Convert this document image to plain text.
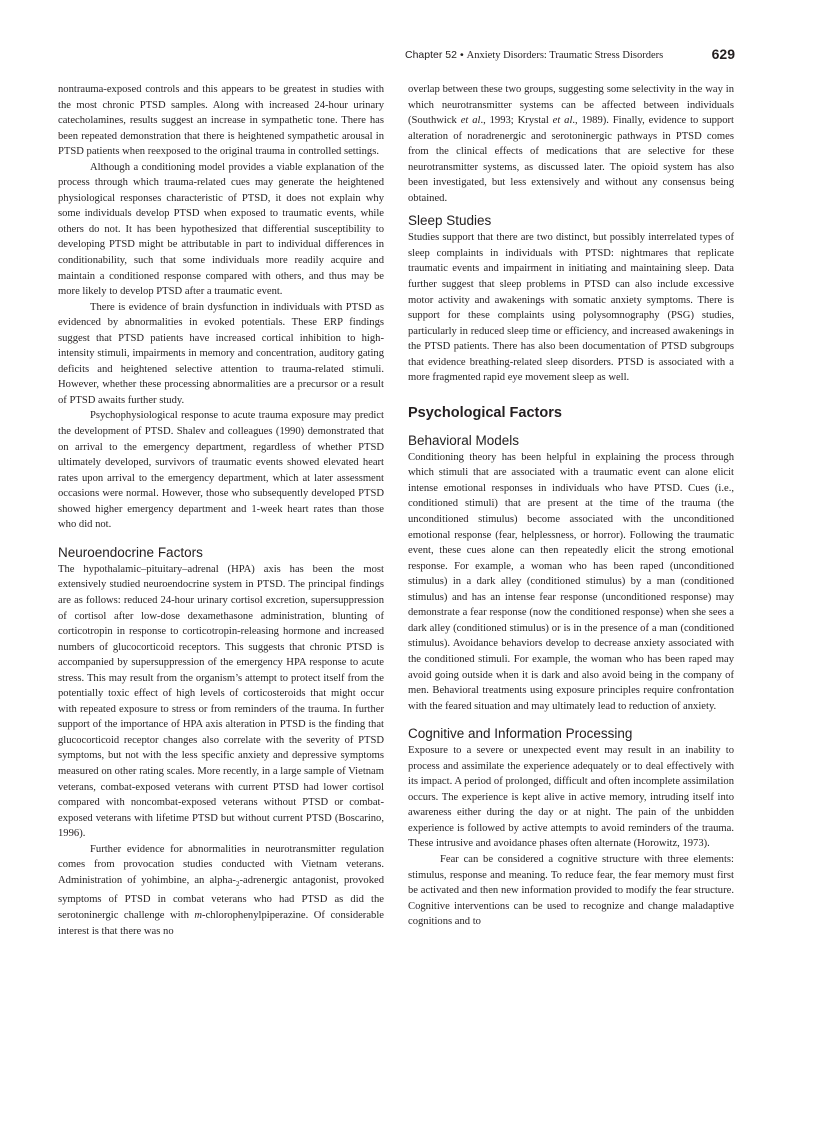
Chapter 52 • Anxiety Disorders: Traumatic Stress Disorders	629

nontrauma-exposed controls and this appears to be greatest in studies with the most chronic PTSD samples. Along with increased 24-hour urinary catecholamines, results suggest an increase in sympathetic tone. There has been repeated demonstration that there is heightened sympathetic arousal in PTSD patients when reexposed to the original trauma in controlled settings.

Although a conditioning model provides a viable explanation of the process through which trauma-related cues may generate the heightened physiological responses characteristic of PTSD, it does not explain why some individuals develop PTSD when exposed to traumatic events, while others do not. It has been hypothesized that differential susceptibility to developing PTSD might be attributable in part to individual differences in conditionability, such that some individuals more readily acquire and maintain a conditioned response compared with others, and thus may be more likely to develop PTSD after a traumatic event.

There is evidence of brain dysfunction in individuals with PTSD as evidenced by abnormalities in evoked potentials. These ERP findings suggest that PTSD patients have increased cortical inhibition to high-intensity stimuli, impairments in memory and concentration, auditory gating deficits and heightened selective attention to trauma-related stimuli. However, whether these processing abnormalities are a precursor or a result of PTSD awaits further study.

Psychophysiological response to acute trauma exposure may predict the development of PTSD. Shalev and colleagues (1990) demonstrated that on arrival to the emergency department, regardless of whether PTSD ultimately developed, survivors of traumatic events showed elevated heart rates upon arrival to the emergency department, which at later assessment occasions were normal. However, those who subsequently developed PTSD showed higher emergency department and 1-week heart rates than those who did not.

Neuroendocrine Factors

The hypothalamic–pituitary–adrenal (HPA) axis has been the most extensively studied neuroendocrine system in PTSD. The principal findings are as follows: reduced 24-hour urinary cortisol excretion, supersuppression of cortisol after low-dose dexamethasone administration, blunting of corticotropin in response to corticotropin-releasing hormone and increased numbers of glucocorticoid receptors. This suggests that chronic PTSD is accompanied by supersuppression of the emergency HPA response to acute stress. This may result from the organism’s attempt to protect itself from the potentially toxic effect of high levels of corticosteroids that might occur with repeated exposure to stress or from reminders of the trauma. In further support of the importance of HPA axis alteration in PTSD is the finding that glucocorticoid receptor changes also correlate with the severity of PTSD symptoms, but not with the less specific anxiety and depressive symptoms measured on other rating scales. More recently, in a large sample of Vietnam veterans, combat-exposed veterans with current PTSD had lower cortisol compared with noncombat-exposed veterans without PTSD or combat-exposed veterans with lifetime PTSD but without current PTSD (Boscarino, 1996).

Further evidence for abnormalities in neurotransmitter regulation comes from provocation studies conducted with Vietnam veterans. Administration of yohimbine, an alpha-$_2$-adrenergic antagonist, provoked symptoms of PTSD in combat veterans who had PTSD as did the serotoninergic challenge with m-chlorophenylpiperazine. Of considerable interest is that there was no

overlap between these two groups, suggesting some selectivity in the way in which neurotransmitter systems can be affected between individuals (Southwick et al., 1993; Krystal et al., 1989). Finally, evidence to support alteration of noradrenergic and serotoninergic pathways in PTSD comes from the clinical effects of medications that are selective for these neurotransmitter systems, as discussed later. The opioid system has also been investigated, but less extensively and without any consensus being obtained.

Sleep Studies

Studies support that there are two distinct, but possibly interrelated types of sleep complaints in individuals with PTSD: nightmares that replicate traumatic events and impairment in initiating and maintaining sleep. Data further suggest that sleep problems in PTSD can also include excessive motor activity and awakenings with somatic anxiety symptoms. There is support for these complaints using polysomnography (PSG) studies, particularly in reduced sleep time or efficiency, and increased awakenings in the PTSD patients. There has also been documentation of PTSD subgroups that evidence breathing-related sleep disorders. PTSD is associated with a more fragmented rapid eye movement sleep as well.

Psychological Factors
Behavioral Models

Conditioning theory has been helpful in explaining the process through which stimuli that are associated with a traumatic event can alone elicit intense emotional responses in individuals who have PTSD. Cues (i.e., conditioned stimuli) that are present at the time of the trauma (the unconditioned stimulus) become associated with the unconditioned emotional response (fear, helplessness, or horror). Following the traumatic event, these cues alone can then repeatedly elicit the strong emotional response. For example, a woman who has been raped (unconditioned stimulus) in a dark alley (conditioned stimulus) by a man (conditioned stimulus) and has an intense fear response (unconditioned response) may demonstrate a fear response (now the conditioned response) when she sees a dark alley (conditioned stimulus) or is in the presence of a man (conditioned stimulus). Avoidance behaviors develop to decrease anxiety associated with the conditioned stimuli. For example, the woman who has been raped may avoid going outside when it is dark and also avoid being in the company of men. Behavioral treatments using exposure principles require confrontation with the feared situation and may ultimately lead to reduction of anxiety.

Cognitive and Information Processing

Exposure to a severe or unexpected event may result in an inability to process and assimilate the experience adequately or to deal effectively with its impact. A period of prolonged, difficult and often incomplete assimilation occurs. The experience is kept alive in active memory, intruding itself into awareness either during the day or at night. The pain of the unbidden experience is followed by active attempts to avoid reminders of the trauma. These intrusive and avoidance phases often alternate (Horowitz, 1973).

Fear can be considered a cognitive structure with three elements: stimulus, response and meaning. To reduce fear, the fear memory must first be activated and then new information provided to modify the fear structure. Cognitive interventions can be used to recognize and change maladaptive cognitions and to
